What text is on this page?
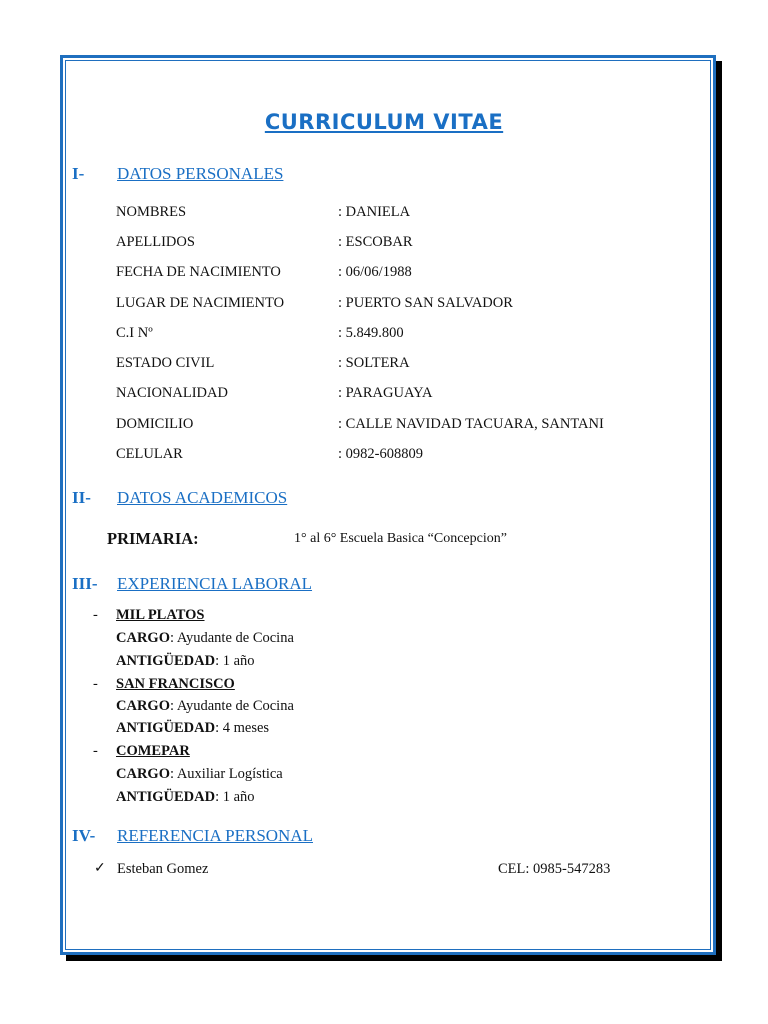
CURRICULUM VITAE
I- DATOS PERSONALES
NOMBRES	: DANIELA
APELLIDOS	: ESCOBAR
FECHA DE NACIMIENTO	: 06/06/1988
LUGAR DE NACIMIENTO	: PUERTO SAN SALVADOR
C.I Nº	: 5.849.800
ESTADO CIVIL	: SOLTERA
NACIONALIDAD	: PARAGUAYA
DOMICILIO	: CALLE NAVIDAD TACUARA, SANTANI
CELULAR	: 0982-608809
II- DATOS ACADEMICOS
PRIMARIA:	1° al 6° Escuela Basica “Concepcion”
III- EXPERIENCIA LABORAL
- MIL PLATOS
CARGO: Ayudante de Cocina
ANTIGÜEDAD: 1 año
- SAN FRANCISCO
CARGO: Ayudante de Cocina
ANTIGÜEDAD: 4 meses
- COMEPAR
CARGO: Auxiliar Logística
ANTIGÜEDAD: 1 año
IV- REFERENCIA PERSONAL
✓ Esteban Gomez	CEL: 0985-547283
